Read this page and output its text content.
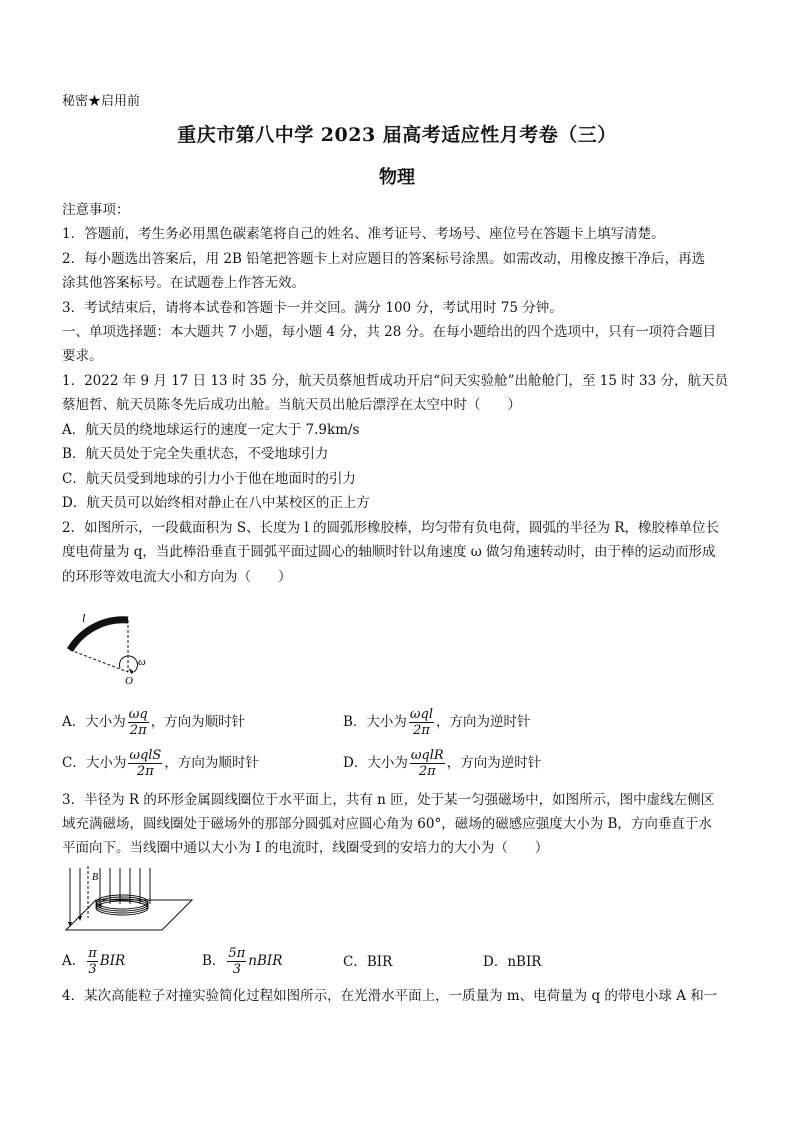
秘密★启用前
重庆市第八中学 2023 届高考适应性月考卷（三）
物理
注意事项：
1．答题前，考生务必用黑色碳素笔将自己的姓名、准考证号、考场号、座位号在答题卡上填写清楚。
2．每小题选出答案后，用 2B 铅笔把答题卡上对应题目的答案标号涂黑。如需改动，用橡皮擦干净后，再选
涂其他答案标号。在试题卷上作答无效。
3．考试结束后，请将本试卷和答题卡一并交回。满分 100 分，考试用时 75 分钟。
一、单项选择题：本大题共 7 小题，每小题 4 分，共 28 分。在每小题给出的四个选项中，只有一项符合题目
要求。
1．2022 年 9 月 17 日 13 时 35 分，航天员蔡旭哲成功开启“问天实验舱”出舱舱门，至 15 时 33 分，航天员
蔡旭哲、航天员陈冬先后成功出舱。当航天员出舱后漂浮在太空中时（　　）
A．航天员的绕地球运行的速度一定大于 7.9km/s
B．航天员处于完全失重状态，不受地球引力
C．航天员受到地球的引力小于他在地面时的引力
D．航天员可以始终相对静止在八中某校区的正上方
2．如图所示，一段截面积为 S、长度为 l 的圆弧形橡胶棒，均匀带有负电荷，圆弧的半径为 R，橡胶棒单位长
度电荷量为 q，当此棒沿垂直于圆弧平面过圆心的轴顺时针以角速度 ω 做匀角速转动时，由于棒的运动而形成
的环形等效电流大小和方向为（　　）
l
ω
O
A．大小为 $\frac{\omega q}{2\pi}$ ，方向为顺时针	B．大小为 $\frac{\text{ωql}}{2\pi}$ ，方向为逆时针
C．大小为 $\frac{\text{ωqlS}}{2\pi}$ ，方向为顺时针	D．大小为 $\frac{\text{ωqlR}}{2\pi}$ ，方向为逆时针
3．半径为 R 的环形金属圆线圈位于水平面上，共有 n 匝，处于某一匀强磁场中，如图所示，图中虚线左侧区
域充满磁场，圆线圈处于磁场外的那部分圆弧对应圆心角为 60°，磁场的磁感应强度大小为 B，方向垂直于水
平面向下。当线圈中通以大小为 I 的电流时，线圈受到的安培力的大小为（　　）
B
A． $\frac{\pi}{3}$ BIR	B． $\frac{5\pi}{3}$ nBIR	C．BIR	D．nBIR
4．某次高能粒子对撞实验简化过程如图所示，在光滑水平面上，一质量为 m、电荷量为 q 的带电小球 A 和一
